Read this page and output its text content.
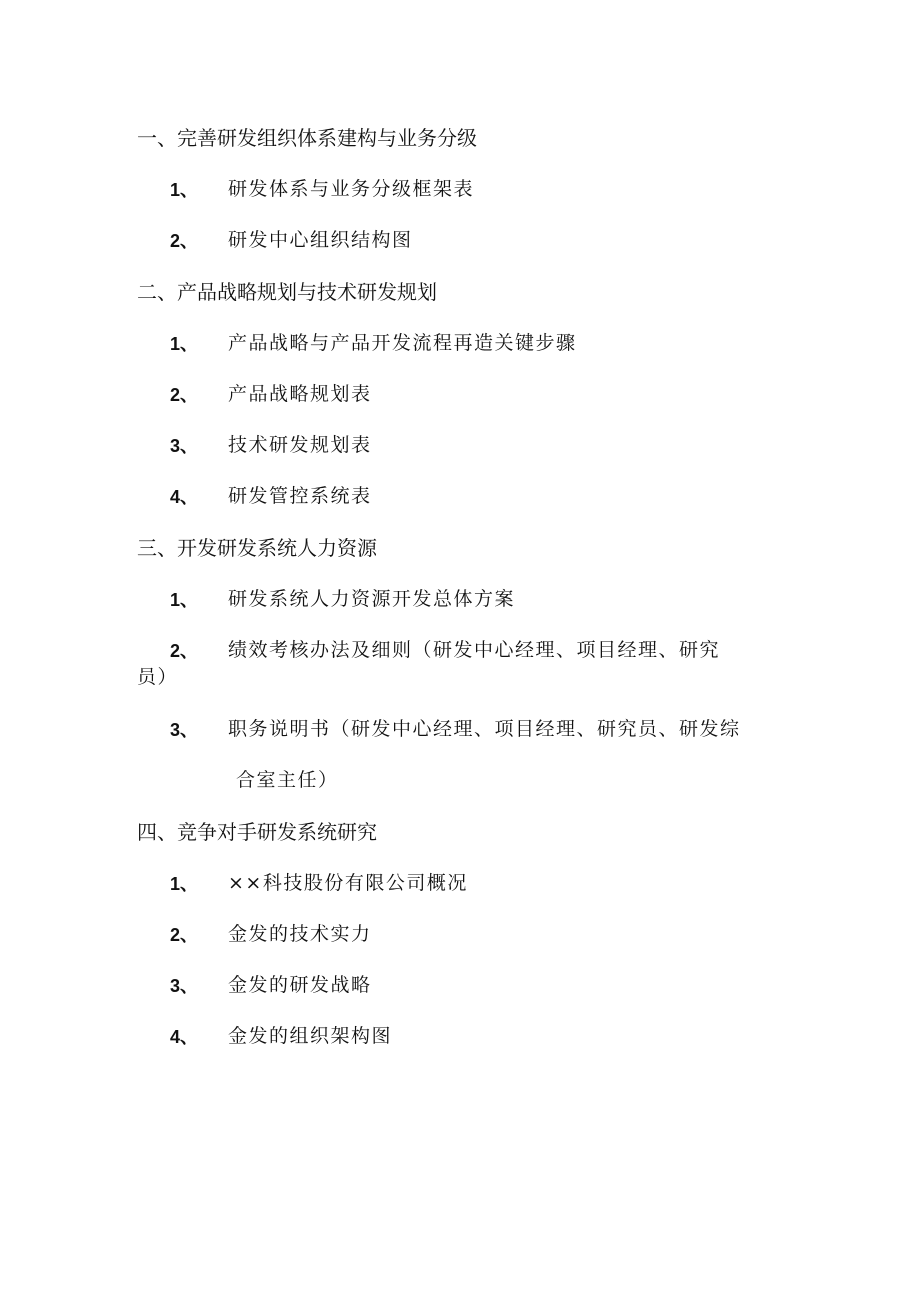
一、完善研发组织体系建构与业务分级
1、 研发体系与业务分级框架表
2、 研发中心组织结构图
二、产品战略规划与技术研发规划
1、 产品战略与产品开发流程再造关键步骤
2、 产品战略规划表
3、 技术研发规划表
4、 研发管控系统表
三、开发研发系统人力资源
1、 研发系统人力资源开发总体方案
2、 绩效考核办法及细则（研发中心经理、项目经理、研究
员）
3、 职务说明书（研发中心经理、项目经理、研究员、研发综
合室主任）
四、竞争对手研发系统研究
1、 ××科技股份有限公司概况
2、 金发的技术实力
3、 金发的研发战略
4、 金发的组织架构图
